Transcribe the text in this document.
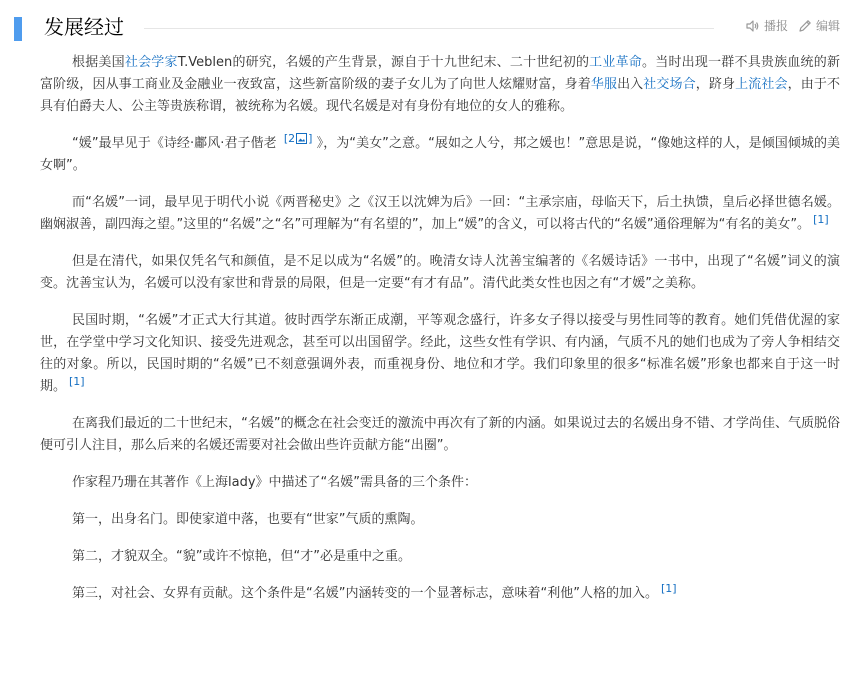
发展经过	播报 编辑

根据美国社会学家T.Veblen的研究，名媛的产生背景，源自于十九世纪末、二十世纪初的工业革命。当时出现一群不具贵族血统的新富阶级，因从事工商业及金融业一夜致富，这些新富阶级的妻子女儿为了向世人炫耀财富，身着华服出入社交场合，跻身上流社会，由于不具有伯爵夫人、公主等贵族称谓，被统称为名媛。现代名媛是对有身份有地位的女人的雅称。

“媛”最早见于《诗经·鄘风·君子偕老 [2 ] 》，为“美女”之意。“展如之人兮，邦之媛也！”意思是说，“像她这样的人，是倾国倾城的美女啊”。

而“名媛”一词，最早见于明代小说《两晋秘史》之《汉王以沈婢为后》一回：“主承宗庙，母临天下，后土执馈，皇后必择世德名媛。幽娴淑善，副四海之望。”这里的“名媛”之“名”可理解为“有名望的”，加上“媛”的含义，可以将古代的“名媛”通俗理解为“有名的美女”。 [1]

但是在清代，如果仅凭名气和颜值，是不足以成为“名媛”的。晚清女诗人沈善宝编著的《名媛诗话》一书中，出现了“名媛”词义的演变。沈善宝认为，名媛可以没有家世和背景的局限，但是一定要“有才有品”。清代此类女性也因之有“才媛”之美称。

民国时期，“名媛”才正式大行其道。彼时西学东渐正成潮，平等观念盛行，许多女子得以接受与男性同等的教育。她们凭借优渥的家世，在学堂中学习文化知识、接受先进观念，甚至可以出国留学。经此，这些女性有学识、有内涵，气质不凡的她们也成为了旁人争相结交往的对象。所以，民国时期的“名媛”已不刻意强调外表，而重视身份、地位和才学。我们印象里的很多“标准名媛”形象也都来自于这一时期。 [1]

在离我们最近的二十世纪末，“名媛”的概念在社会变迁的激流中再次有了新的内涵。如果说过去的名媛出身不错、才学尚佳、气质脱俗便可引人注目，那么后来的名媛还需要对社会做出些许贡献方能“出圈”。

作家程乃珊在其著作《上海lady》中描述了“名媛”需具备的三个条件：

第一，出身名门。即使家道中落，也要有“世家”气质的熏陶。

第二，才貌双全。“貌”或许不惊艳，但“才”必是重中之重。

第三，对社会、女界有贡献。这个条件是“名媛”内涵转变的一个显著标志，意味着“利他”人格的加入。 [1]
